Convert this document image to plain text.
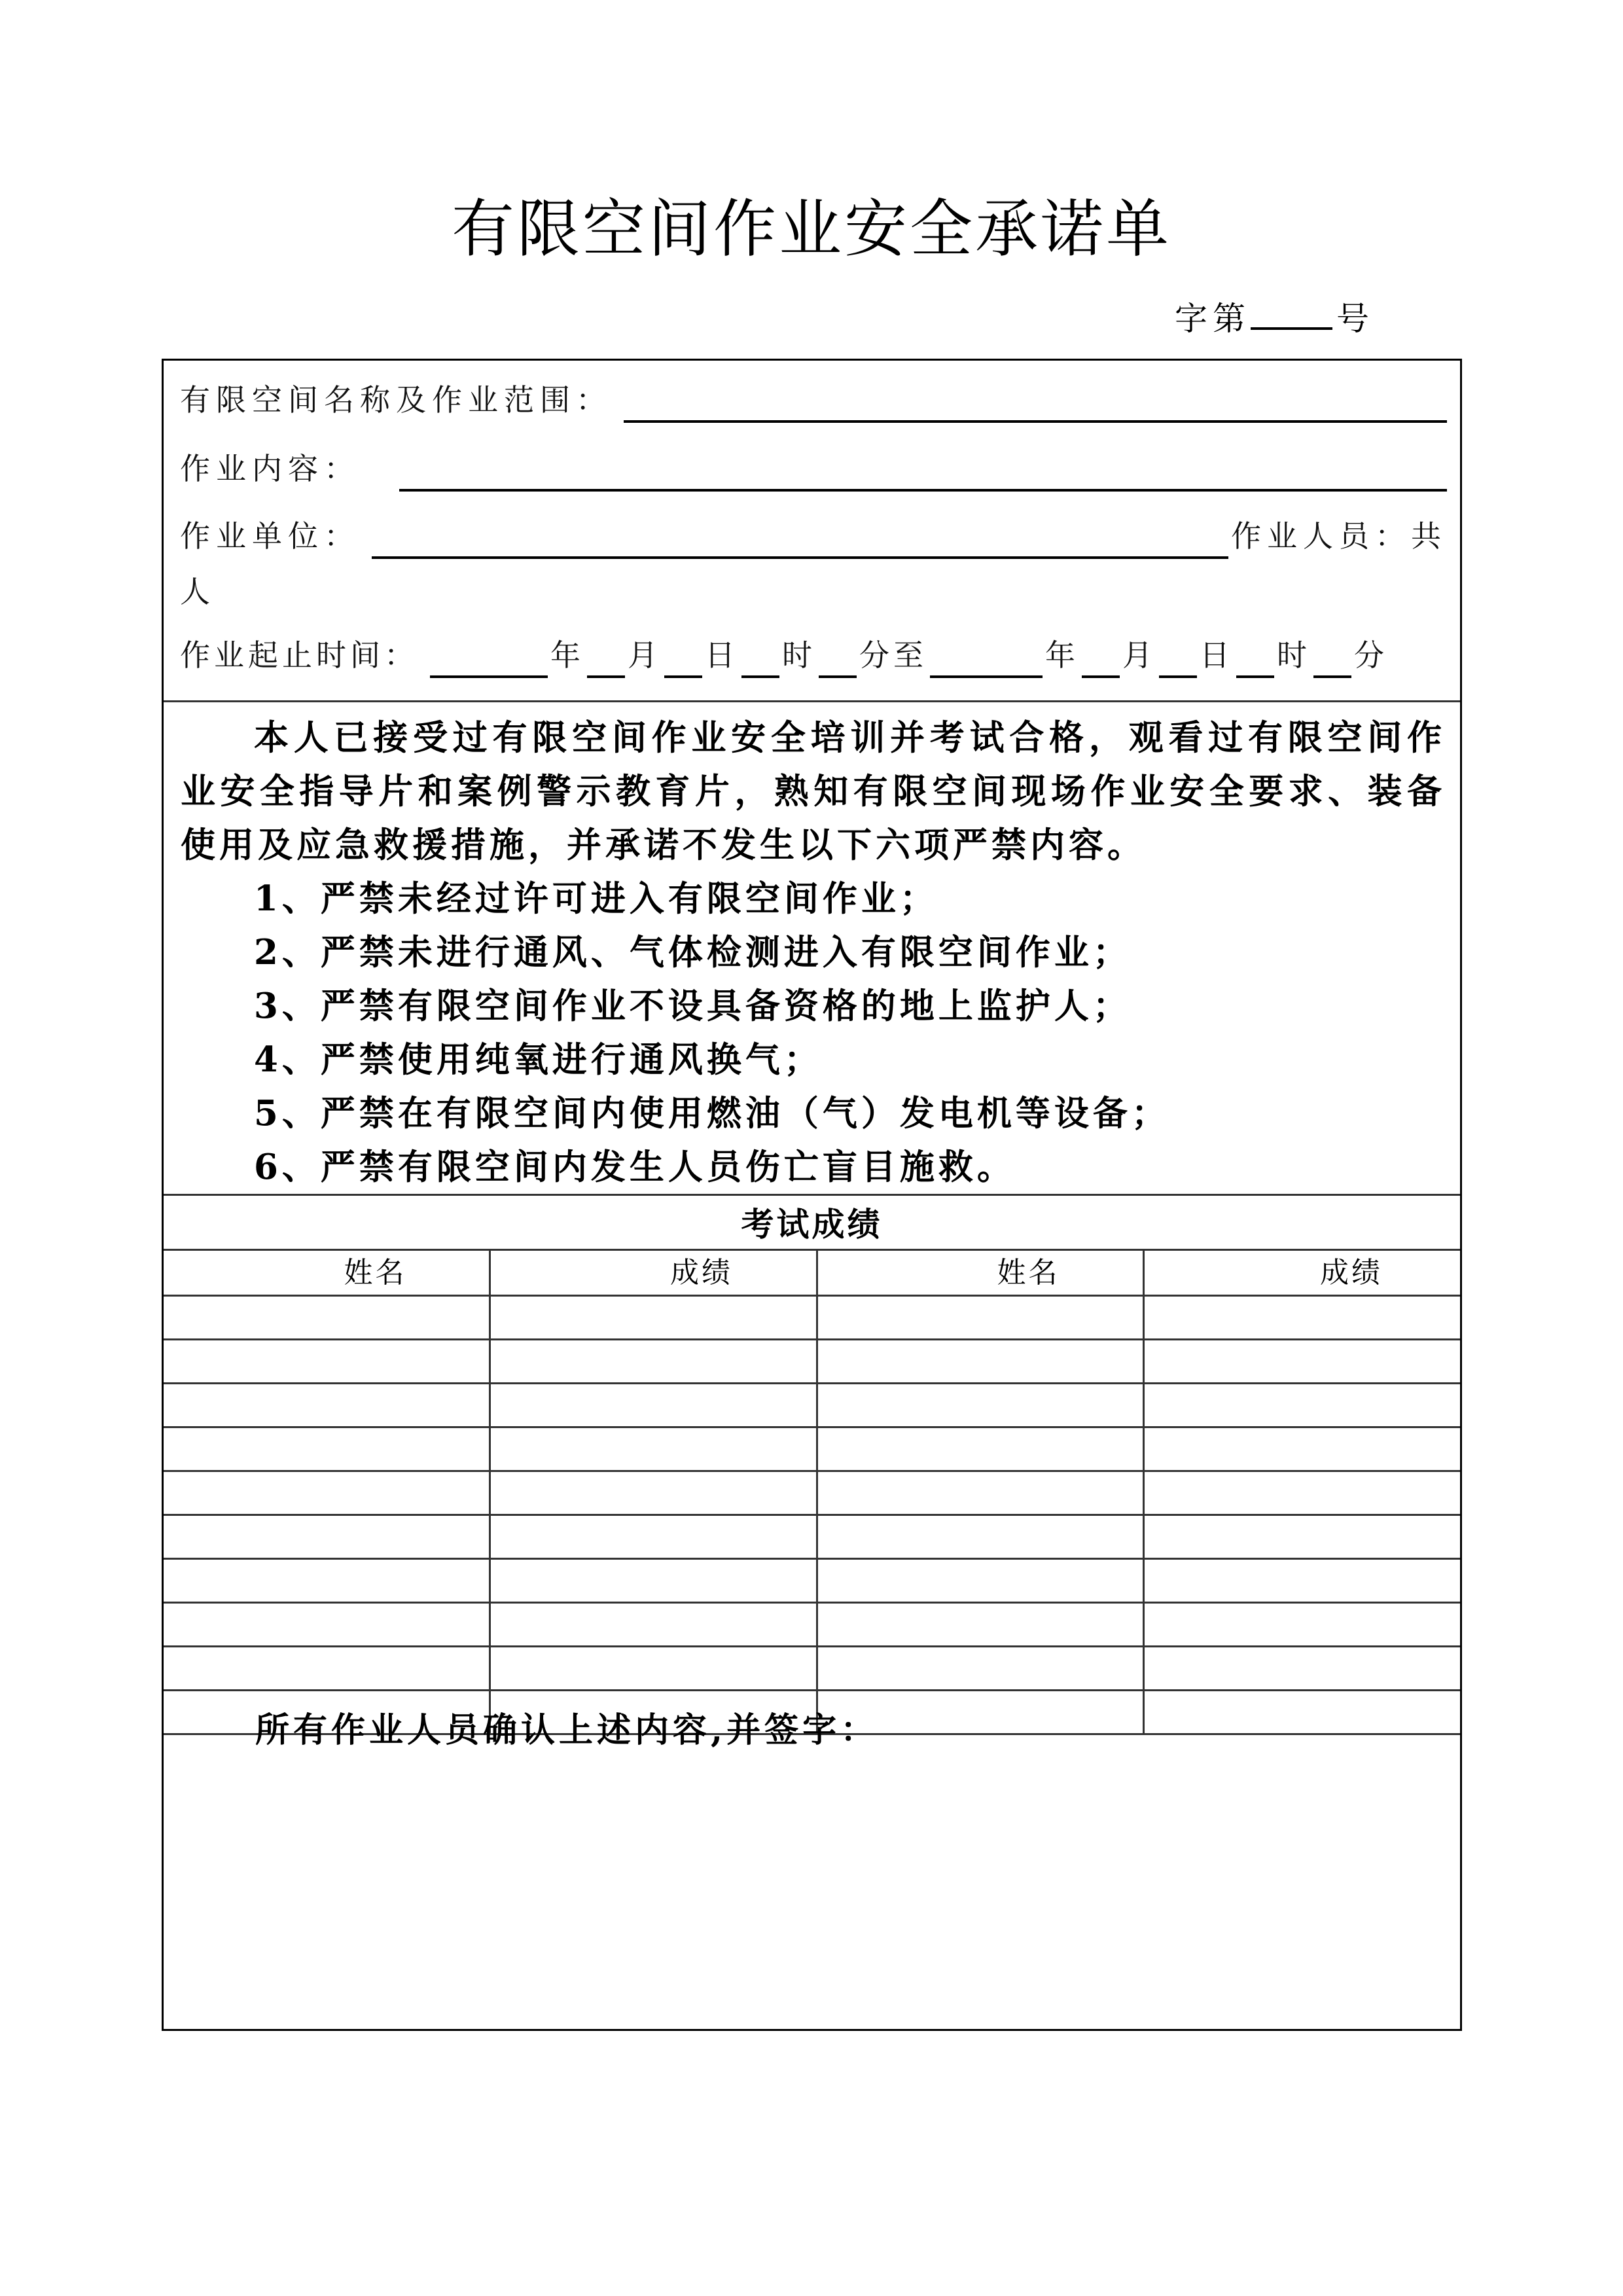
有限空间作业安全承诺单
字第	号
有限空间名称及作业范围：
作业内容：
作业单位：	作业人员：共
人
作业起止时间：	年 月 日 时 分 至	年 月 日 时 分

本人已接受过有限空间作业安全培训并考试合格，观看过有限空间作业安全指导片和案例警示教育片，熟知有限空间现场作业安全要求、装备使用及应急救援措施，并承诺不发生以下六项严禁内容。

1、严禁未经过许可进入有限空间作业；

2、严禁未进行通风、气体检测进入有限空间作业；

3、严禁有限空间作业不设具备资格的地上监护人；

4、严禁使用纯氧进行通风换气；

5、严禁在有限空间内使用燃油（气）发电机等设备；

6、严禁有限空间内发生人员伤亡盲目施救。

考试成绩
姓名	成绩	姓名	成绩
所有作业人员确认上述内容,并签字：
